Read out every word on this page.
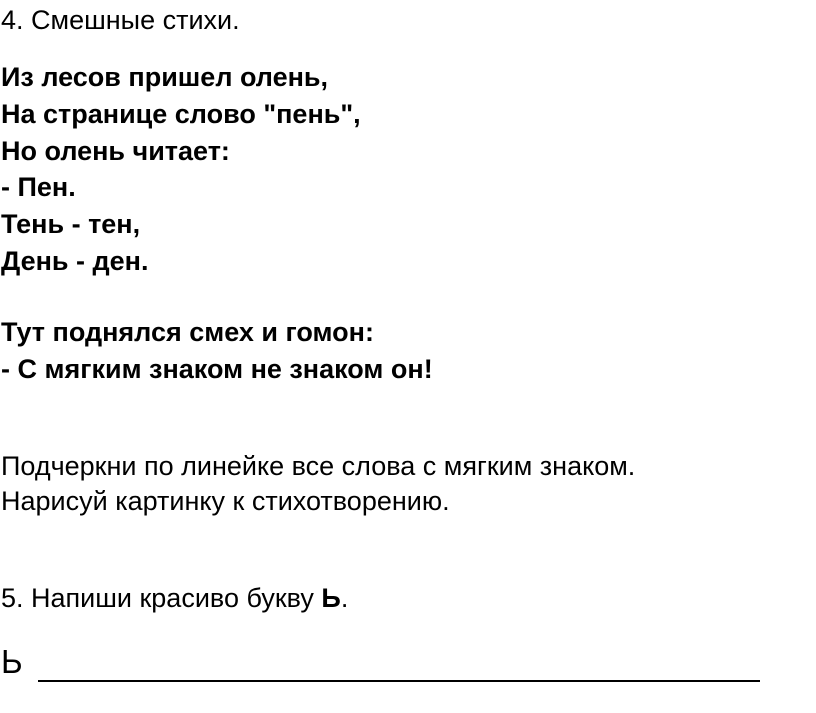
4. Смешные стихи.
Из лесов пришел олень,
На странице слово "пень",
Но олень читает:
- Пен.
Тень - тен,
День - ден.
Тут поднялся смех и гомон:
- С мягким знаком не знаком он!
Подчеркни по линейке все слова с мягким знаком.
Нарисуй картинку к стихотворению.
5. Напиши красиво букву Ь.
Ь
